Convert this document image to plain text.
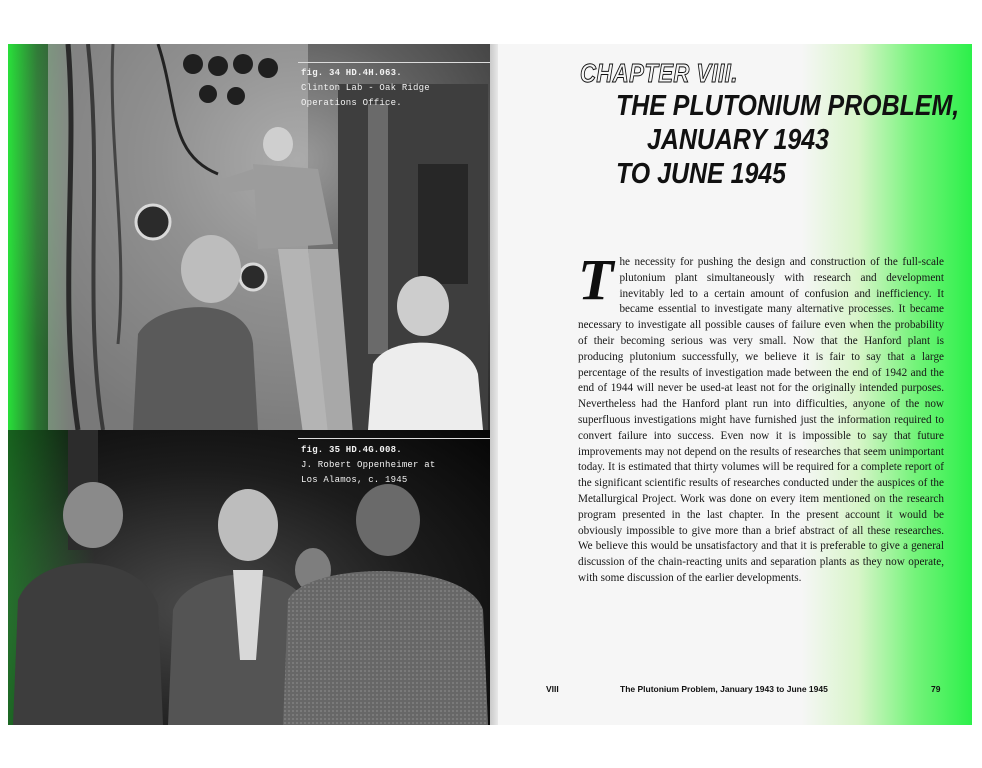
fig. 34 HD.4H.063.
Clinton Lab - Oak Ridge
Operations Office.
fig. 35 HD.4G.008.
J. Robert Oppenheimer at
Los Alamos, c. 1945
CHAPTER VIII.
THE PLUTONIUM PROBLEM,
JANUARY 1943
TO JUNE 1945
T he necessity for pushing the design and construction of the full-scale plutonium plant simultaneously with research and development inevitably led to a certain amount of confusion and inefficiency. It became essential to investigate many alternative processes. It became necessary to investigate all possible causes of failure even when the probability of their becoming serious was very small. Now that the Hanford plant is producing plutonium successfully, we believe it is fair to say that a large percentage of the results of investigation made between the end of 1942 and the end of 1944 will never be used-at least not for the originally intended purposes. Nevertheless had the Hanford plant run into difficulties, anyone of the now superfluous investigations might have furnished just the information required to convert failure into success. Even now it is impossible to say that future improvements may not depend on the results of researches that seem unimportant today. It is estimated that thirty volumes will be required for a complete report of the significant scientific results of researches conducted under the auspices of the Metallurgical Project. Work was done on every item mentioned on the research program presented in the last chapter. In the present account it would be obviously impossible to give more than a brief abstract of all these researches. We believe this would be unsatisfactory and that it is preferable to give a general discussion of the chain-reacting units and separation plants as they now operate, with some discussion of the earlier developments.
VIII	The Plutonium Problem, January 1943 to June 1945	79
